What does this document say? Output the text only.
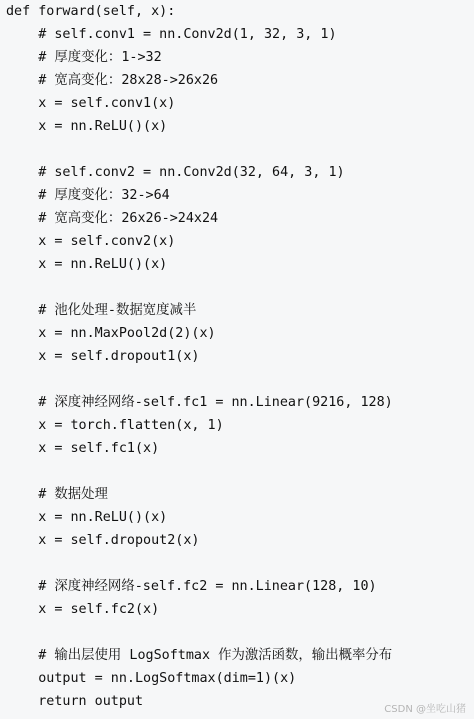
def forward(self, x):
# self.conv1 = nn.Conv2d(1, 32, 3, 1)
# 厚度变化：1->32
# 宽高变化：28x28->26x26
x = self.conv1(x)
x = nn.ReLU()(x)
# self.conv2 = nn.Conv2d(32, 64, 3, 1)
# 厚度变化：32->64
# 宽高变化：26x26->24x24
x = self.conv2(x)
x = nn.ReLU()(x)
# 池化处理-数据宽度减半
x = nn.MaxPool2d(2)(x)
x = self.dropout1(x)
# 深度神经网络-self.fc1 = nn.Linear(9216, 128)
x = torch.flatten(x, 1)
x = self.fc1(x)
# 数据处理
x = nn.ReLU()(x)
x = self.dropout2(x)
# 深度神经网络-self.fc2 = nn.Linear(128, 10)
x = self.fc2(x)
# 输出层使用 LogSoftmax 作为激活函数，输出概率分布
output = nn.LogSoftmax(dim=1)(x)
return output
CSDN @坐吃山猪
